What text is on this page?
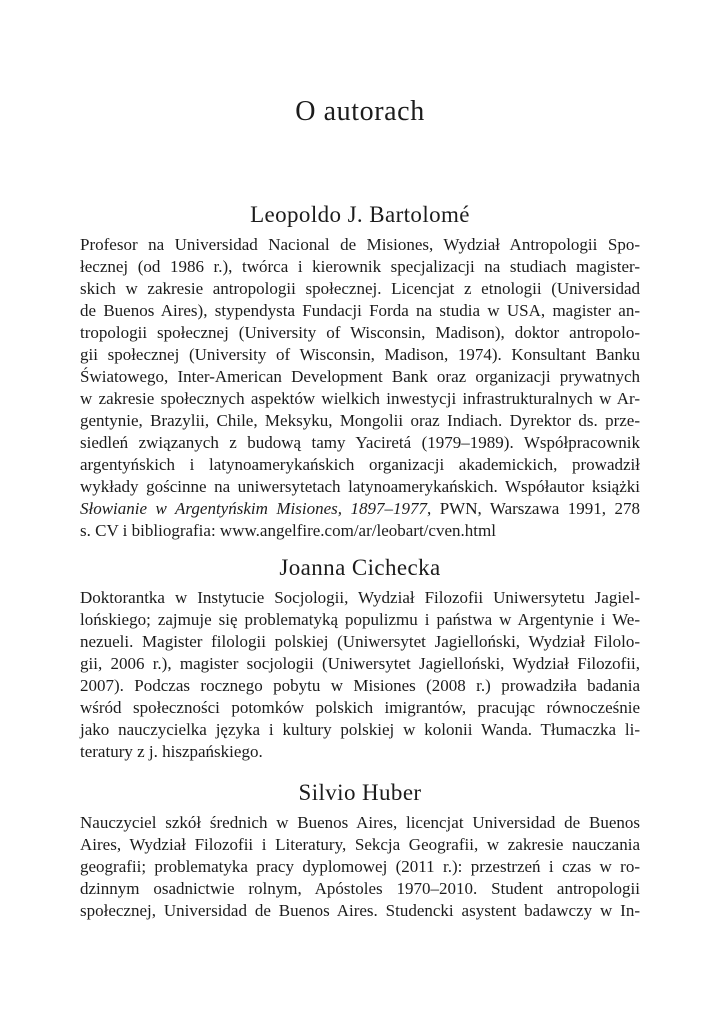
O autorach
Leopoldo J. Bartolomé
Profesor na Universidad Nacional de Misiones, Wydział Antropologii Spo-
łecznej (od 1986 r.), twórca i kierownik specjalizacji na studiach magister-
skich w zakresie antropologii społecznej. Licencjat z etnologii (Universidad
de Buenos Aires), stypendysta Fundacji Forda na studia w USA, magister an-
tropologii społecznej (University of Wisconsin, Madison), doktor antropolo-
gii społecznej (University of Wisconsin, Madison, 1974). Konsultant Banku
Światowego, Inter-American Development Bank oraz organizacji prywatnych
w zakresie społecznych aspektów wielkich inwestycji infrastrukturalnych w Ar-
gentynie, Brazylii, Chile, Meksyku, Mongolii oraz Indiach. Dyrektor ds. prze-
siedleń związanych z budową tamy Yaciretá (1979–1989). Współpracownik
argentyńskich i latynoamerykańskich organizacji akademickich, prowadził
wykłady gościnne na uniwersytetach latynoamerykańskich. Współautor książki
Słowianie w Argentyńskim Misiones, 1897–1977, PWN, Warszawa 1991, 278
s. CV i bibliografia: www.angelfire.com/ar/leobart/cven.html
Joanna Cichecka
Doktorantka w Instytucie Socjologii, Wydział Filozofii Uniwersytetu Jagiel-
lońskiego; zajmuje się problematyką populizmu i państwa w Argentynie i We-
nezueli. Magister filologii polskiej (Uniwersytet Jagielloński, Wydział Filolo-
gii, 2006 r.), magister socjologii (Uniwersytet Jagielloński, Wydział Filozofii,
2007). Podczas rocznego pobytu w Misiones (2008 r.) prowadziła badania
wśród społeczności potomków polskich imigrantów, pracując równocześnie
jako nauczycielka języka i kultury polskiej w kolonii Wanda. Tłumaczka li-
teratury z j. hiszpańskiego.
Silvio Huber
Nauczyciel szkół średnich w Buenos Aires, licencjat Universidad de Buenos
Aires, Wydział Filozofii i Literatury, Sekcja Geografii, w zakresie nauczania
geografii; problematyka pracy dyplomowej (2011 r.): przestrzeń i czas w ro-
dzinnym osadnictwie rolnym, Apóstoles 1970–2010. Student antropologii
społecznej, Universidad de Buenos Aires. Studencki asystent badawczy w In-
